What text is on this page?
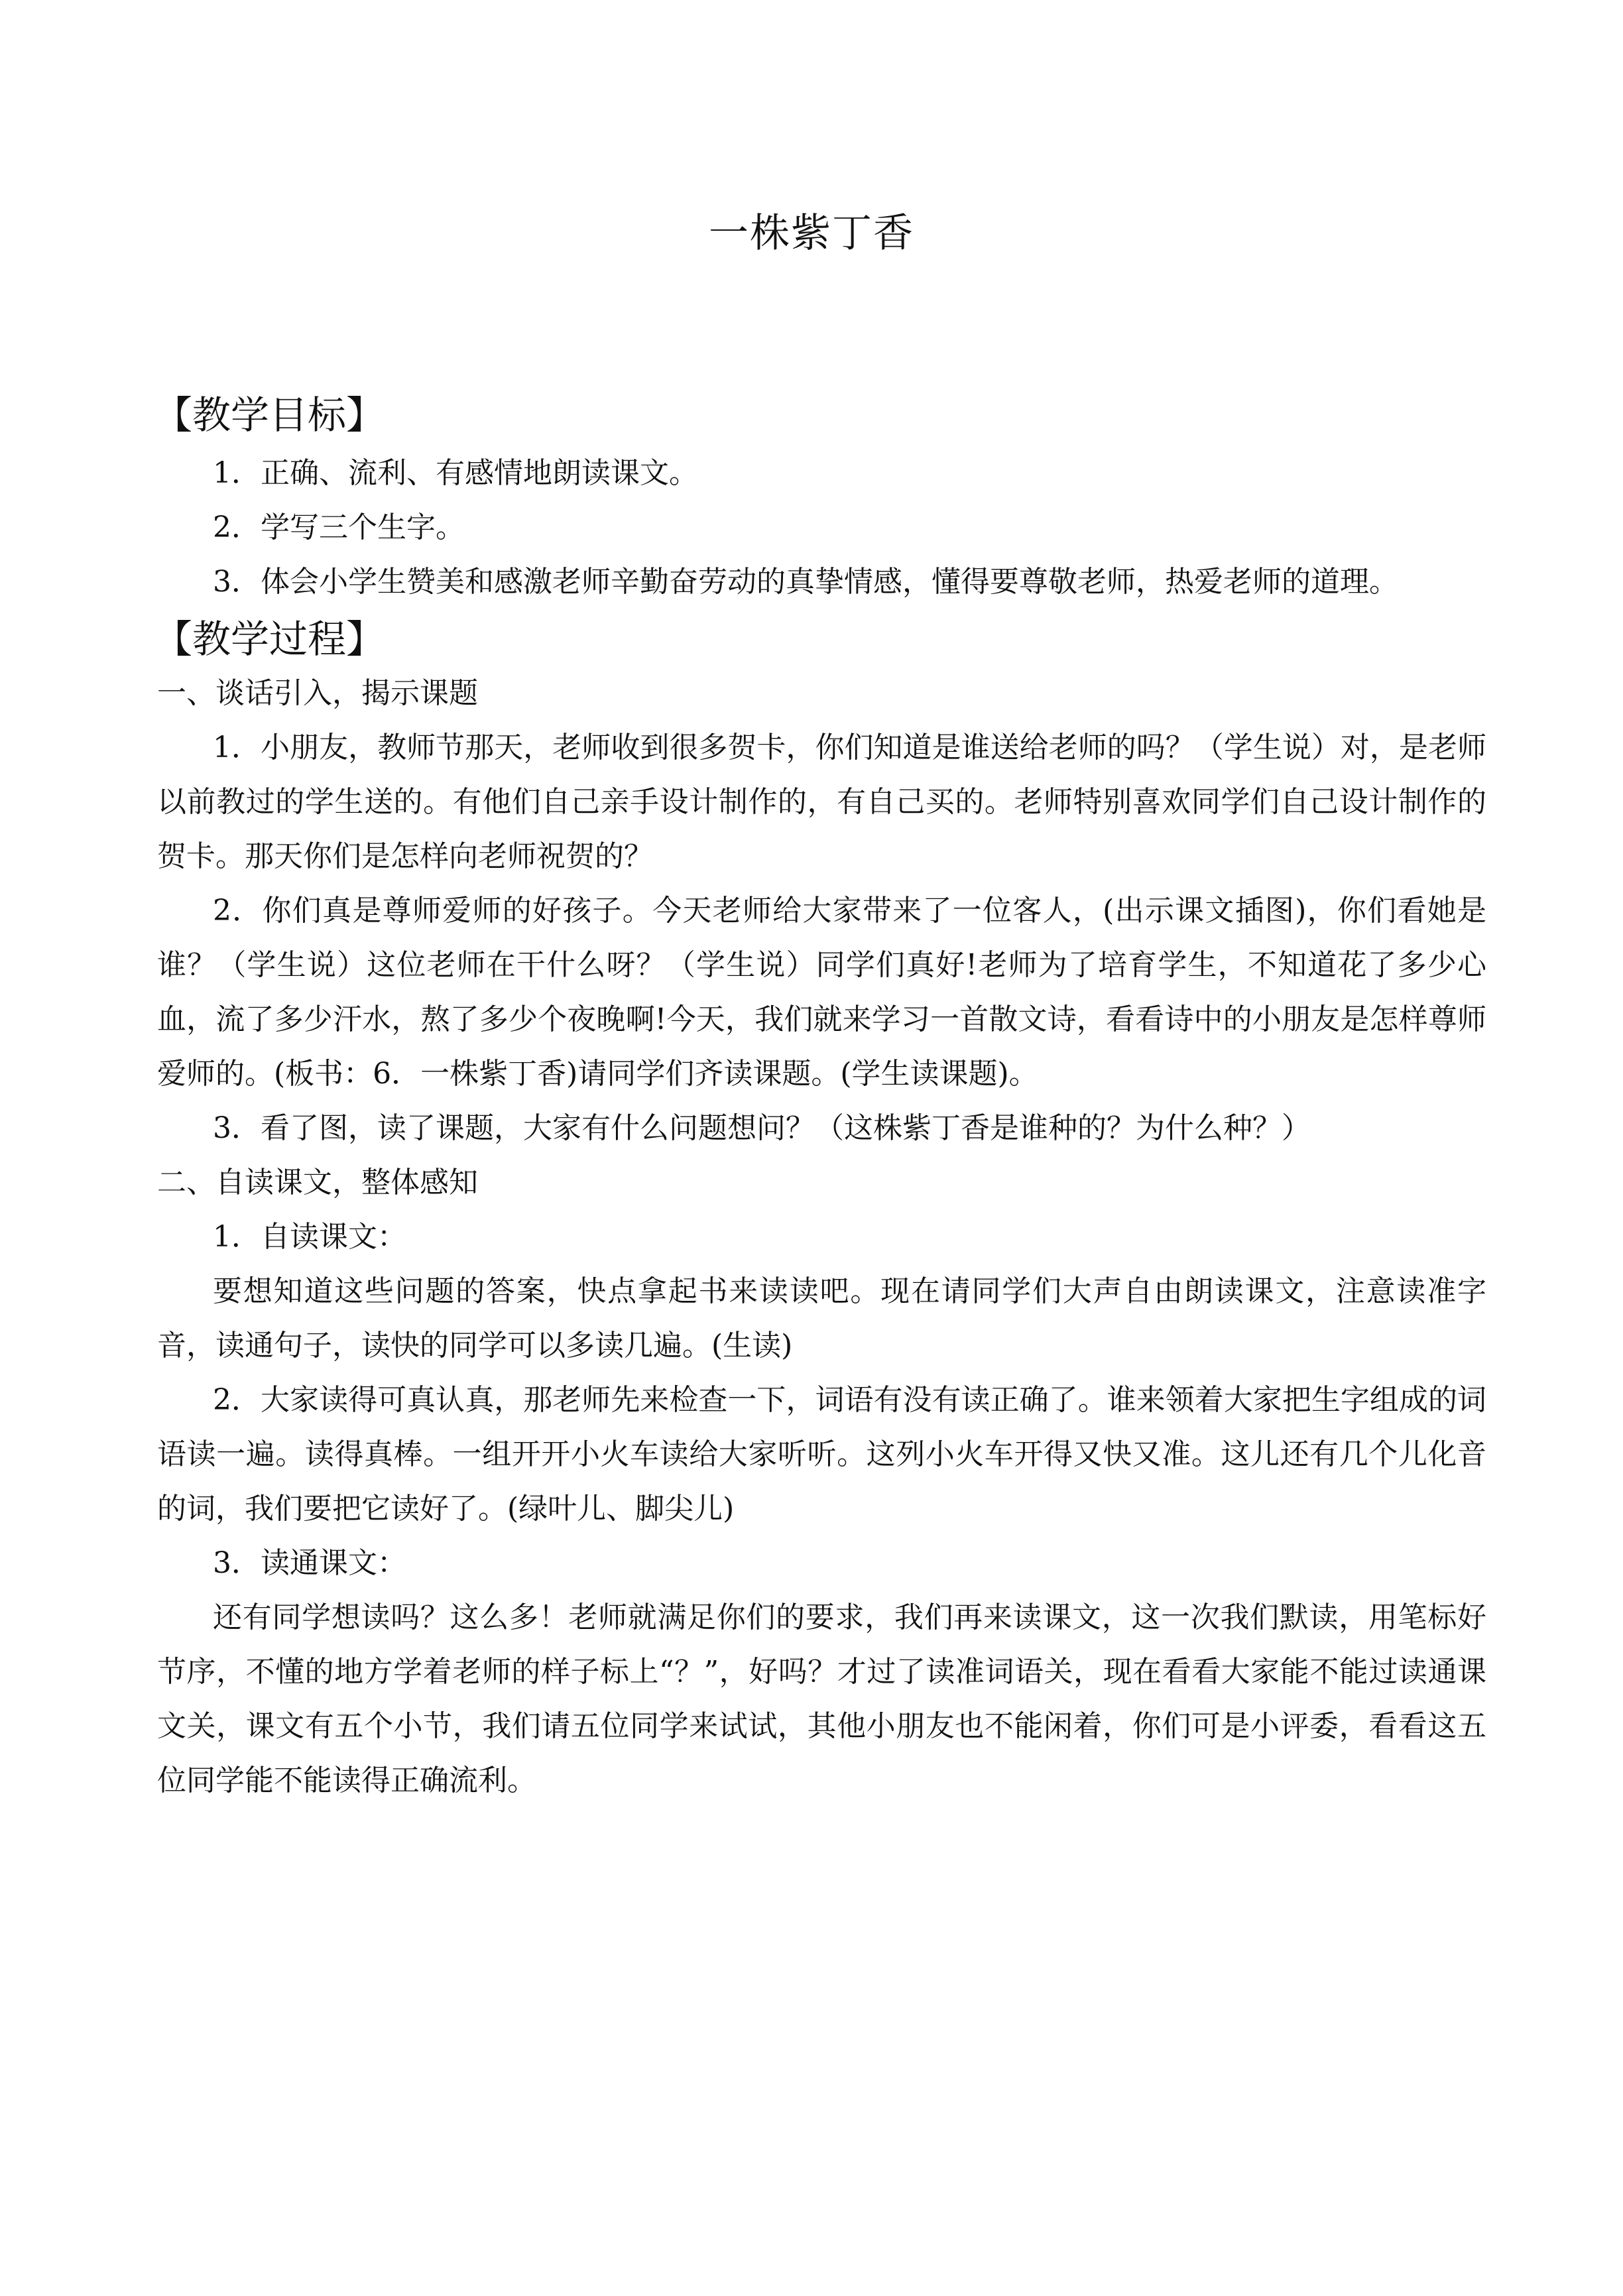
一株紫丁香

【教学目标】

1．正确、流利、有感情地朗读课文。

2．学写三个生字。

3．体会小学生赞美和感激老师辛勤奋劳动的真挚情感，懂得要尊敬老师，热爱老师的道理。

【教学过程】

一、谈话引入，揭示课题

1．小朋友，教师节那天，老师收到很多贺卡，你们知道是谁送给老师的吗？（学生说）对，是老师以前教过的学生送的。有他们自己亲手设计制作的，有自己买的。老师特别喜欢同学们自己设计制作的贺卡。那天你们是怎样向老师祝贺的？

2．你们真是尊师爱师的好孩子。今天老师给大家带来了一位客人，(出示课文插图)，你们看她是谁？（学生说）这位老师在干什么呀？（学生说）同学们真好!老师为了培育学生，不知道花了多少心血，流了多少汗水，熬了多少个夜晚啊!今天，我们就来学习一首散文诗，看看诗中的小朋友是怎样尊师爱师的。(板书：6．一株紫丁香)请同学们齐读课题。(学生读课题)。

3．看了图，读了课题，大家有什么问题想问？（这株紫丁香是谁种的？为什么种？）

二、自读课文，整体感知

1．自读课文：

要想知道这些问题的答案，快点拿起书来读读吧。现在请同学们大声自由朗读课文，注意读准字音，读通句子，读快的同学可以多读几遍。(生读)

2．大家读得可真认真，那老师先来检查一下，词语有没有读正确了。谁来领着大家把生字组成的词语读一遍。读得真棒。一组开开小火车读给大家听听。这列小火车开得又快又准。这儿还有几个儿化音的词，我们要把它读好了。(绿叶儿、脚尖儿)

3．读通课文：

还有同学想读吗？这么多！老师就满足你们的要求，我们再来读课文，这一次我们默读，用笔标好节序，不懂的地方学着老师的样子标上“？”，好吗？才过了读准词语关，现在看看大家能不能过读通课文关，课文有五个小节，我们请五位同学来试试，其他小朋友也不能闲着，你们可是小评委，看看这五位同学能不能读得正确流利。
